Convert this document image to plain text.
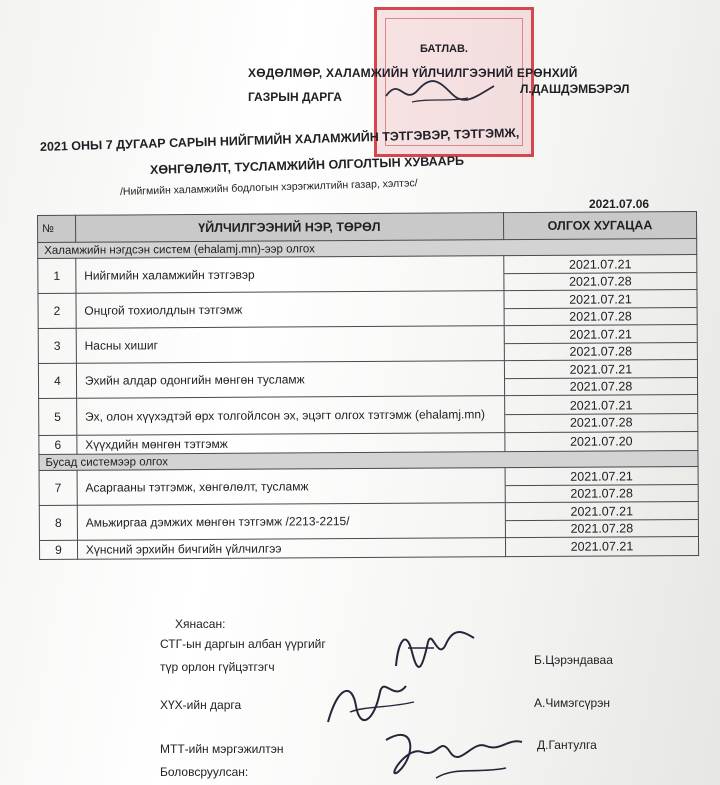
БАТЛАВ.
ХӨДӨЛМӨР, ХАЛАМЖИЙН ҮЙЛЧИЛГЭЭНИЙ ЕРӨНХИЙ
ГАЗРЫН ДАРГА
Л.ДАШДЭМБЭРЭЛ
2021 ОНЫ 7 ДУГААР САРЫН НИЙГМИЙН ХАЛАМЖИЙН ТЭТГЭВЭР, ТЭТГЭМЖ,
ХӨНГӨЛӨЛТ, ТУСЛАМЖИЙН ОЛГОЛТЫН ХУВААРЬ
/Нийгмийн халамжийн бодлогын хэрэгжилтийн газар, хэлтэс/
2021.07.06
№	ҮЙЛЧИЛГЭЭНИЙ НЭР, ТӨРӨЛ	ОЛГОХ ХУГАЦАА
Халамжийн нэгдсэн систем (ehalamj.mn)-ээр олгох		
1	Нийгмийн халамжийн тэтгэвэр	2021.07.21
2021.07.28

2	Онцгой тохиолдлын тэтгэмж	2021.07.21
2021.07.28

3	Насны хишиг	2021.07.21
2021.07.28

4	Эхийн алдар одонгийн мөнгөн тусламж	2021.07.21
2021.07.28

5	Эх, олон хүүхэдтэй өрх толгойлсон эх, эцэгт олгох тэтгэмж (ehalamj.mn)	2021.07.21
2021.07.28

6	Хүүхдийн мөнгөн тэтгэмж	2021.07.20

Бусад системээр олгох		
7	Асаргааны тэтгэмж, хөнгөлөлт, тусламж	2021.07.21
2021.07.28

8	Амьжиргаа дэмжих мөнгөн тэтгэмж /2213-2215/	2021.07.21
2021.07.28

9	Хүнсний эрхийн бичгийн үйлчилгээ	2021.07.21
Хянасан:
СТГ-ын даргын албан үүргийг
түр орлон гүйцэтгэгч	Б.Цэрэндаваа
ХҮХ-ийн дарга	А.Чимэгсүрэн
МТТ-ийн мэргэжилтэн	Д.Гантулга
Боловсруулсан:
